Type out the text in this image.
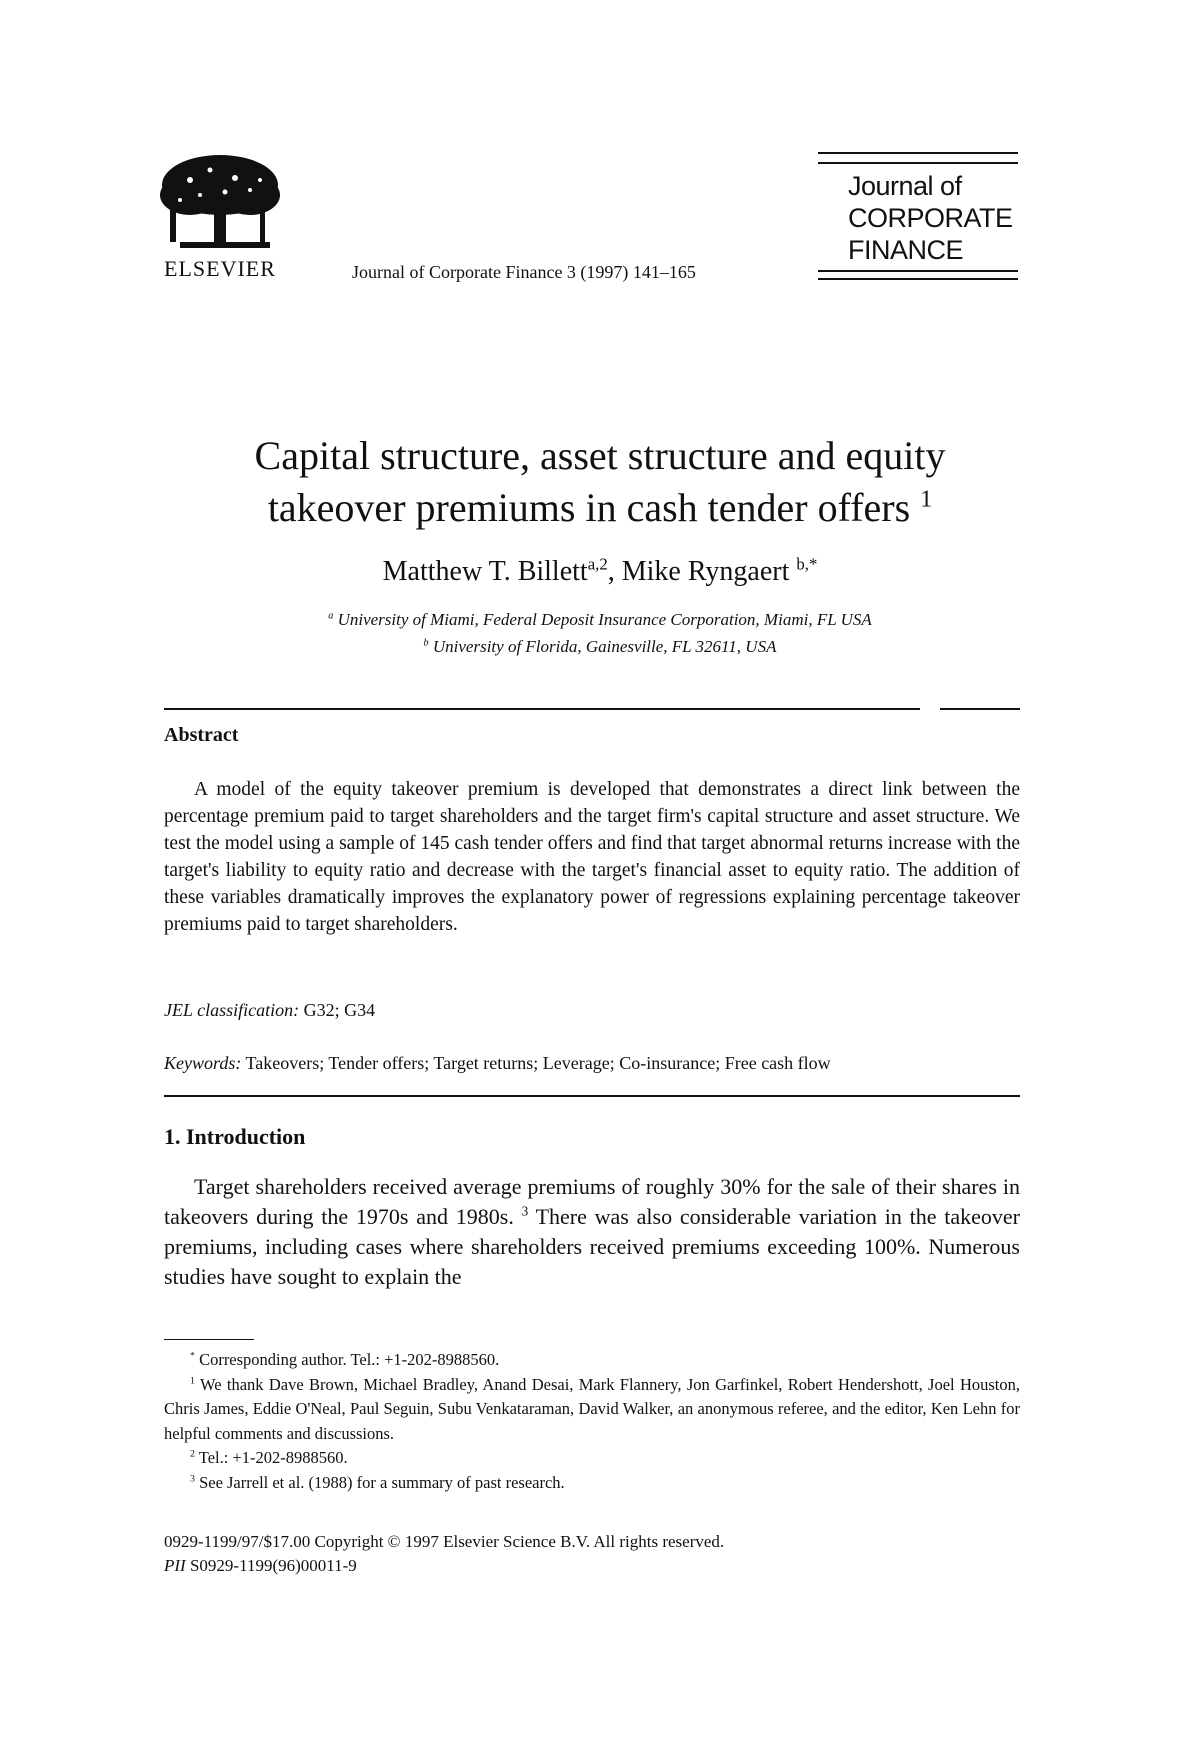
ELSEVIER	Journal of Corporate Finance 3 (1997) 141–165
Journal of
CORPORATE
FINANCE
Capital structure, asset structure and equity
takeover premiums in cash tender offers $^1$
Matthew T. Billett$^{a,2}$, Mike Ryngaert $^{b,*}$
$^a$ University of Miami, Federal Deposit Insurance Corporation, Miami, FL USA
$^b$ University of Florida, Gainesville, FL 32611, USA
Abstract
A model of the equity takeover premium is developed that demonstrates a direct link between the percentage premium paid to target shareholders and the target firm's capital structure and asset structure. We test the model using a sample of 145 cash tender offers and find that target abnormal returns increase with the target's liability to equity ratio and decrease with the target's financial asset to equity ratio. The addition of these variables dramatically improves the explanatory power of regressions explaining percentage takeover premiums paid to target shareholders.
JEL classification: G32; G34
Keywords: Takeovers; Tender offers; Target returns; Leverage; Co-insurance; Free cash flow
1. Introduction
Target shareholders received average premiums of roughly 30% for the sale of their shares in takeovers during the 1970s and 1980s. $^3$ There was also considerable variation in the takeover premiums, including cases where shareholders received premiums exceeding 100%. Numerous studies have sought to explain the

* Corresponding author. Tel.: +1-202-8988560.

$^1$ We thank Dave Brown, Michael Bradley, Anand Desai, Mark Flannery, Jon Garfinkel, Robert Hendershott, Joel Houston, Chris James, Eddie O'Neal, Paul Seguin, Subu Venkataraman, David Walker, an anonymous referee, and the editor, Ken Lehn for helpful comments and discussions.

$^2$ Tel.: +1-202-8988560.

$^3$ See Jarrell et al. (1988) for a summary of past research.

0929-1199/97/$17.00 Copyright © 1997 Elsevier Science B.V. All rights reserved.
PII S0929-1199(96)00011-9
